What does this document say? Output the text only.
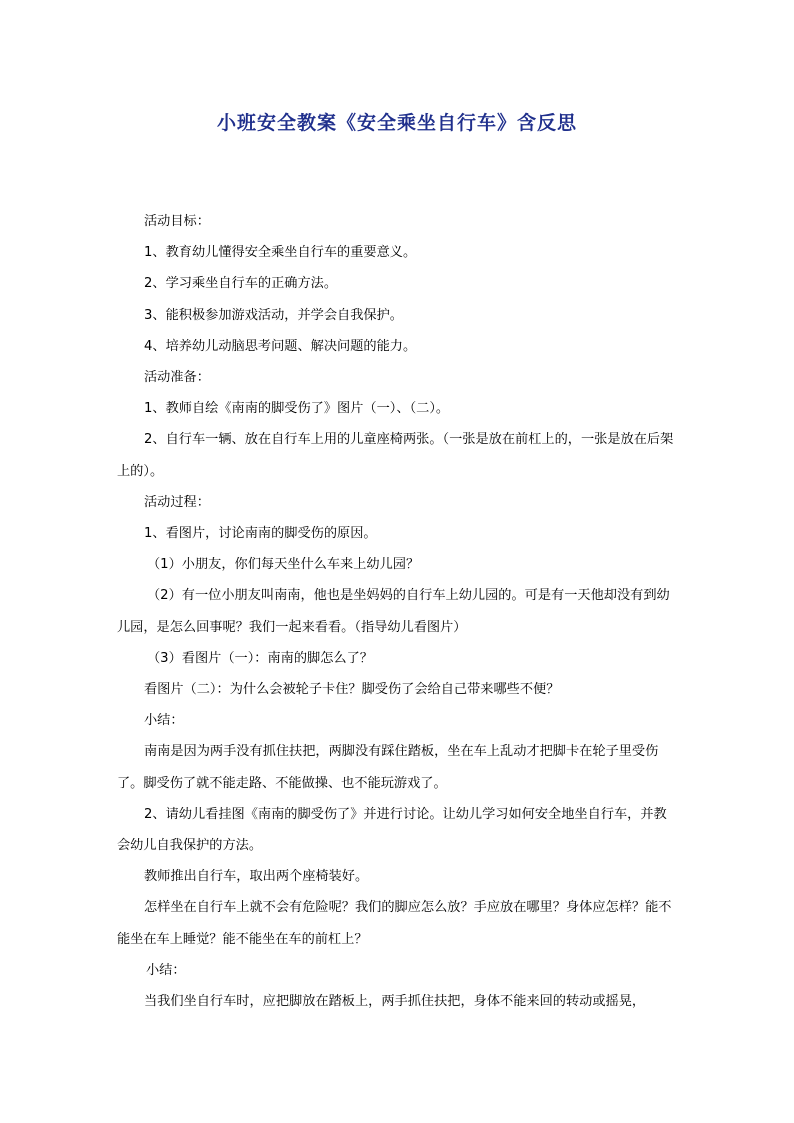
小班安全教案《安全乘坐自行车》含反思

活动目标：

1、教育幼儿懂得安全乘坐自行车的重要意义。

2、学习乘坐自行车的正确方法。

3、能积极参加游戏活动，并学会自我保护。

4、培养幼儿动脑思考问题、解决问题的能力。

活动准备：

1、教师自绘《南南的脚受伤了》图片（一）、（二）。

2、自行车一辆、放在自行车上用的儿童座椅两张。（一张是放在前杠上的，一张是放在后架上的）。

活动过程：

1、看图片，讨论南南的脚受伤的原因。

（1）小朋友，你们每天坐什么车来上幼儿园？

（2）有一位小朋友叫南南，他也是坐妈妈的自行车上幼儿园的。可是有一天他却没有到幼儿园，是怎么回事呢？我们一起来看看。（指导幼儿看图片）

（3）看图片（一）：南南的脚怎么了？

看图片（二）：为什么会被轮子卡住？脚受伤了会给自己带来哪些不便？

小结：

南南是因为两手没有抓住扶把，两脚没有踩住踏板，坐在车上乱动才把脚卡在轮子里受伤了。脚受伤了就不能走路、不能做操、也不能玩游戏了。

2、请幼儿看挂图《南南的脚受伤了》并进行讨论。让幼儿学习如何安全地坐自行车，并教会幼儿自我保护的方法。

教师推出自行车，取出两个座椅装好。

怎样坐在自行车上就不会有危险呢？我们的脚应怎么放？手应放在哪里？身体应怎样？能不能坐在车上睡觉？能不能坐在车的前杠上？

小结：

当我们坐自行车时，应把脚放在踏板上，两手抓住扶把，身体不能来回的转动或摇晃，
